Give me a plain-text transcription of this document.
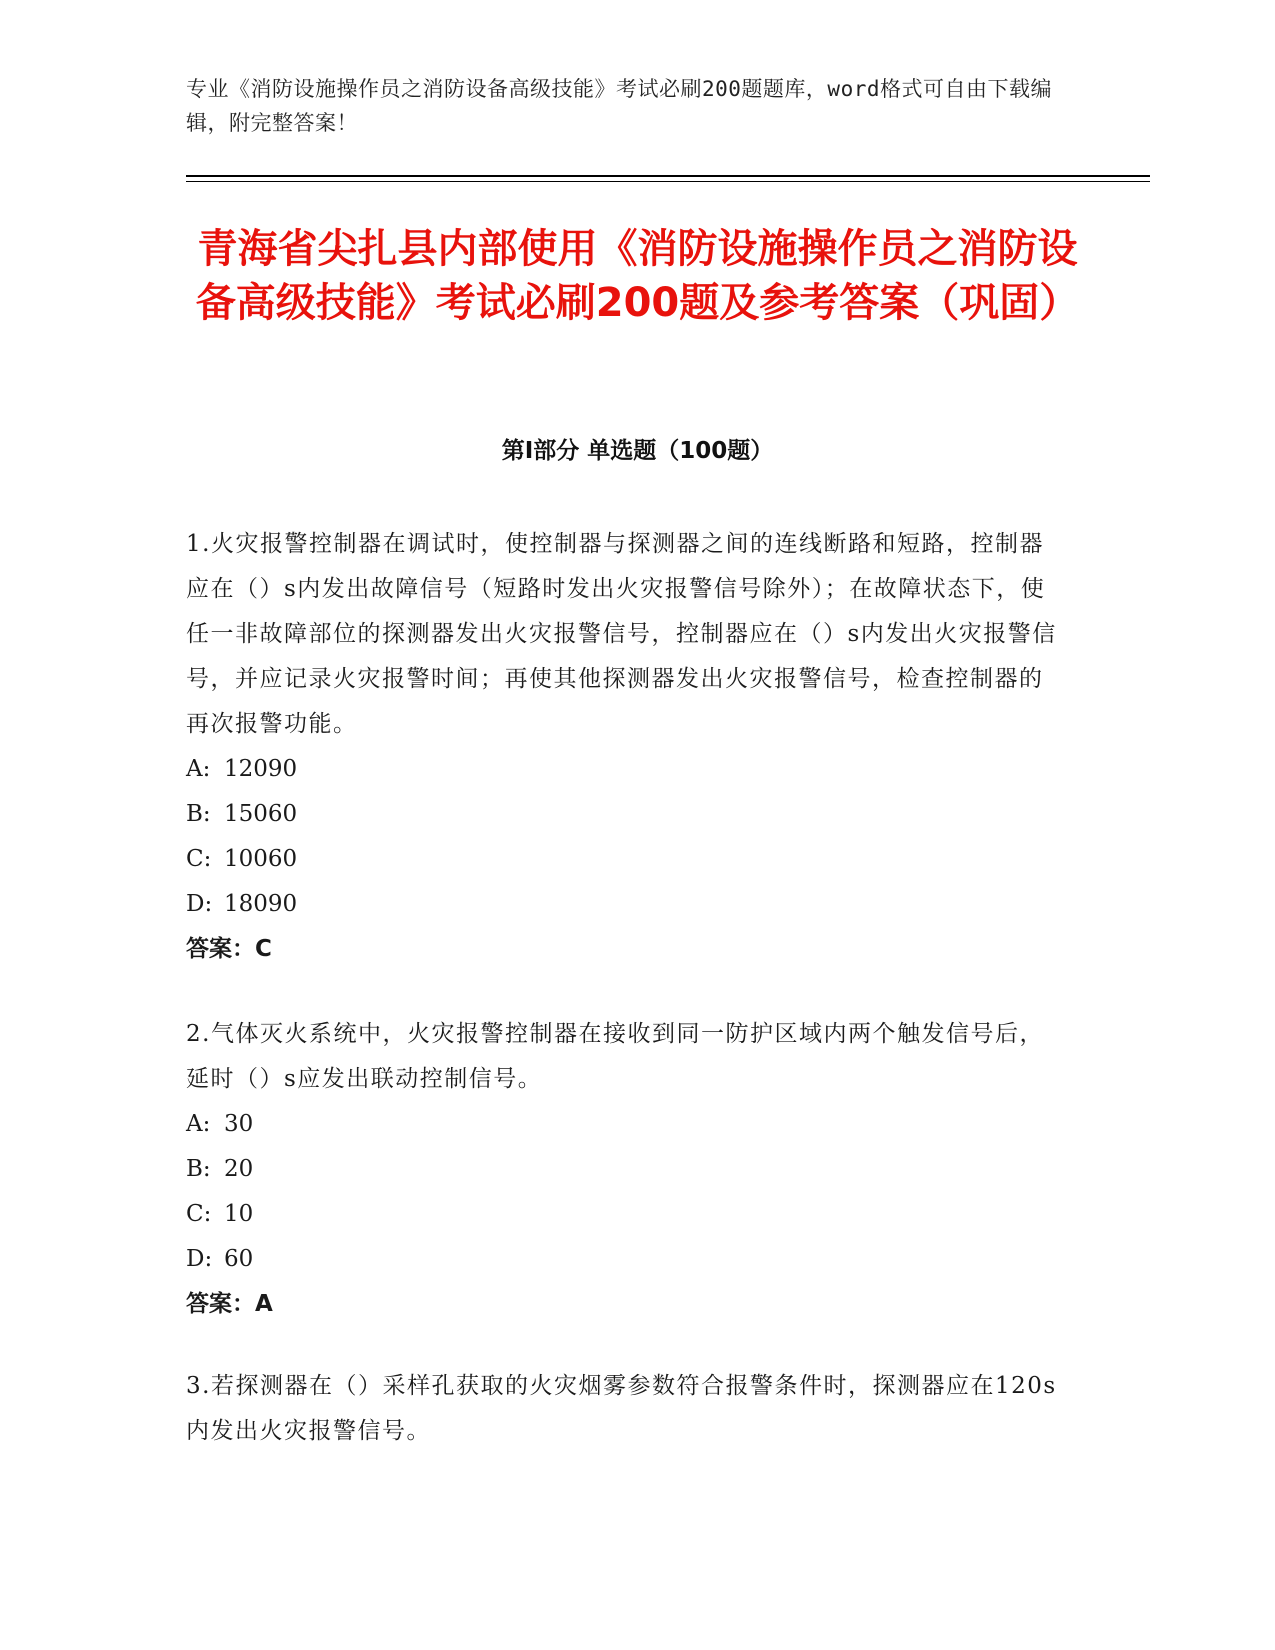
专业《消防设施操作员之消防设备高级技能》考试必刷200题题库，word格式可自由下载编辑，附完整答案！
青海省尖扎县内部使用《消防设施操作员之消防设备高级技能》考试必刷200题及参考答案（巩固）
第Ⅰ部分 单选题（100题）
1.火灾报警控制器在调试时，使控制器与探测器之间的连线断路和短路，控制器应在（）s内发出故障信号（短路时发出火灾报警信号除外）；在故障状态下，使任一非故障部位的探测器发出火灾报警信号，控制器应在（）s内发出火灾报警信号，并应记录火灾报警时间；再使其他探测器发出火灾报警信号，检查控制器的再次报警功能。
A: 12090
B: 15060
C: 10060
D: 18090
答案：C
2.气体灭火系统中，火灾报警控制器在接收到同一防护区域内两个触发信号后，延时（）s应发出联动控制信号。
A: 30
B: 20
C: 10
D: 60
答案：A
3.若探测器在（）采样孔获取的火灾烟雾参数符合报警条件时，探测器应在120s内发出火灾报警信号。
